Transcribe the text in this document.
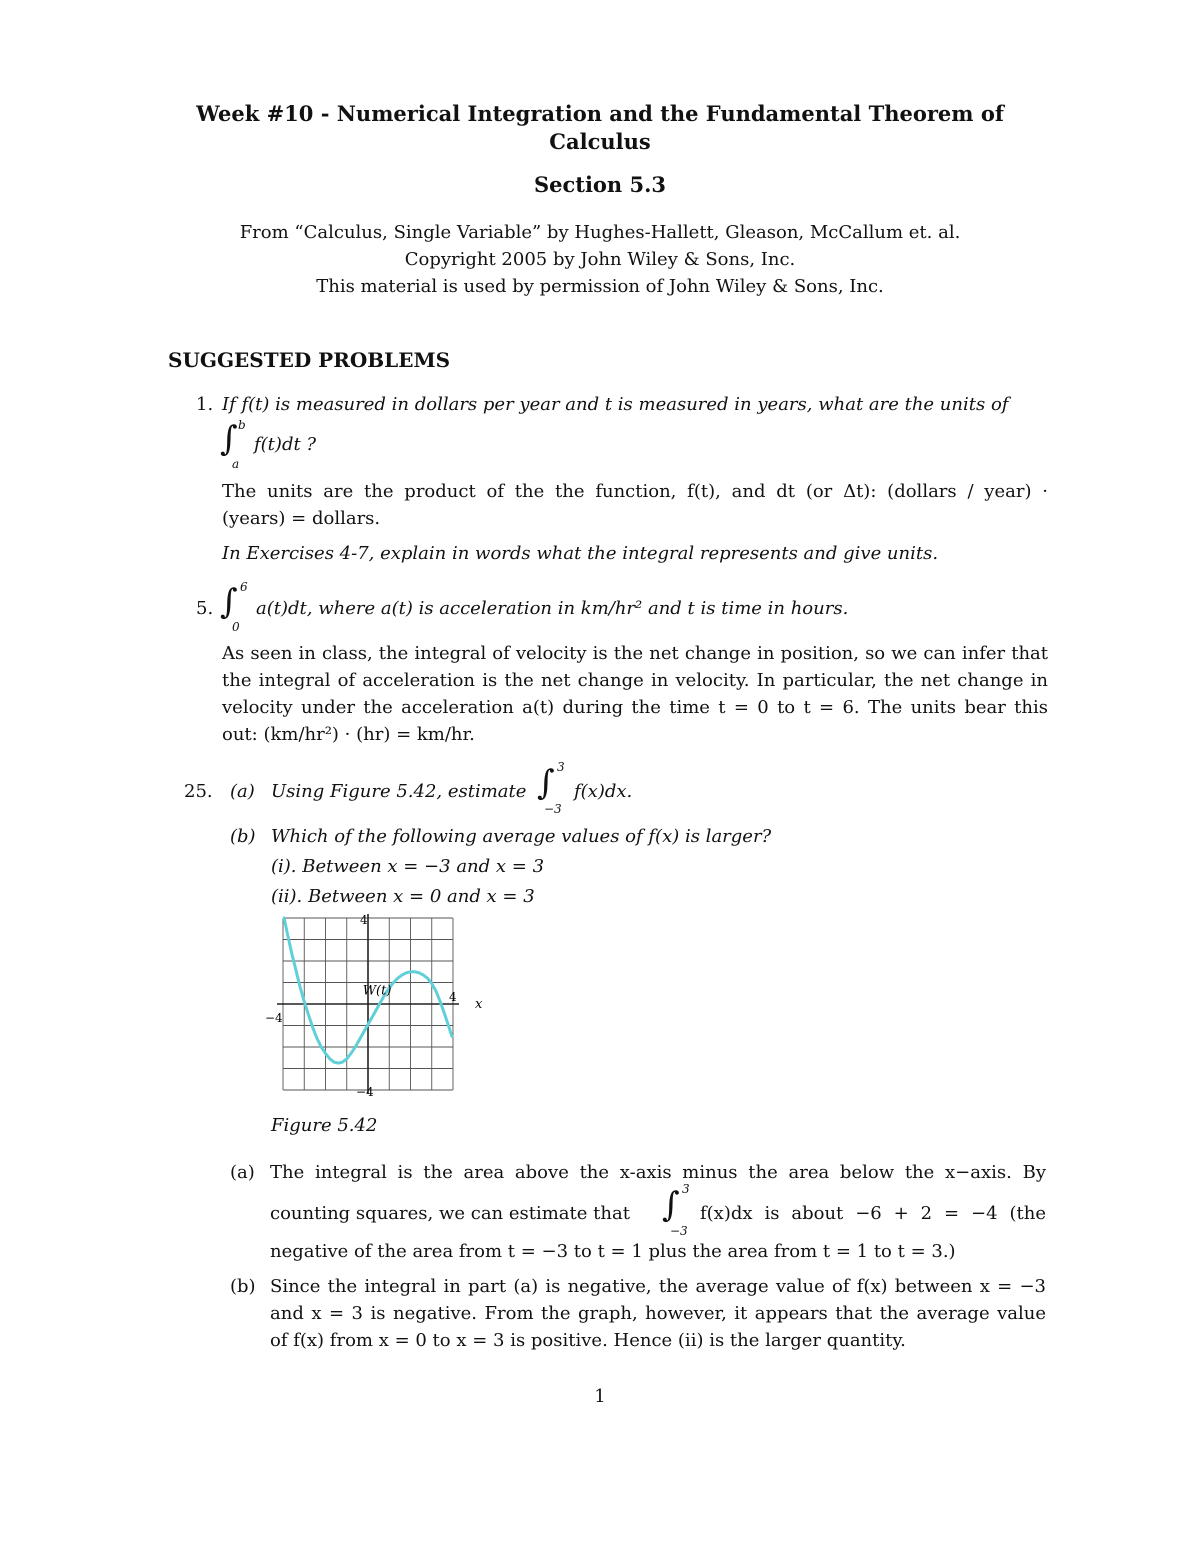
Week #10 - Numerical Integration and the Fundamental Theorem of
Calculus
Section 5.3
From “Calculus, Single Variable” by Hughes-Hallett, Gleason, McCallum et. al.
Copyright 2005 by John Wiley & Sons, Inc.
This material is used by permission of John Wiley & Sons, Inc.
SUGGESTED PROBLEMS
1. If f(t) is measured in dollars per year and t is measured in years, what are the units of
∫ b
a
f(t)dt ?
The units are the product of the the function, f(t), and dt (or Δt): (dollars / year) ·
(years) = dollars.
In Exercises 4-7, explain in words what the integral represents and give units.
5. ∫ 6
0
a(t)dt, where a(t) is acceleration in km/hr² and t is time in hours.
As seen in class, the integral of velocity is the net change in position, so we can infer that
the integral of acceleration is the net change in velocity. In particular, the net change in
velocity under the acceleration a(t) during the time t = 0 to t = 6. The units bear this
out: (km/hr²) · (hr) = km/hr.
25. (a) Using Figure 5.42, estimate ∫ 3
−3
f(x)dx.
(b) Which of the following average values of f(x) is larger?
(i). Between x = −3 and x = 3
(ii). Between x = 0 and x = 3
4
−4
−4
4 x
W(t)
Figure 5.42
(a) The integral is the area above the x-axis minus the area below the x−axis. By
counting squares, we can estimate that ∫ 3
−3
f(x)dx is about −6 + 2 = −4 (the
negative of the area from t = −3 to t = 1 plus the area from t = 1 to t = 3.)
(b) Since the integral in part (a) is negative, the average value of f(x) between x = −3
and x = 3 is negative. From the graph, however, it appears that the average value
of f(x) from x = 0 to x = 3 is positive. Hence (ii) is the larger quantity.
1
